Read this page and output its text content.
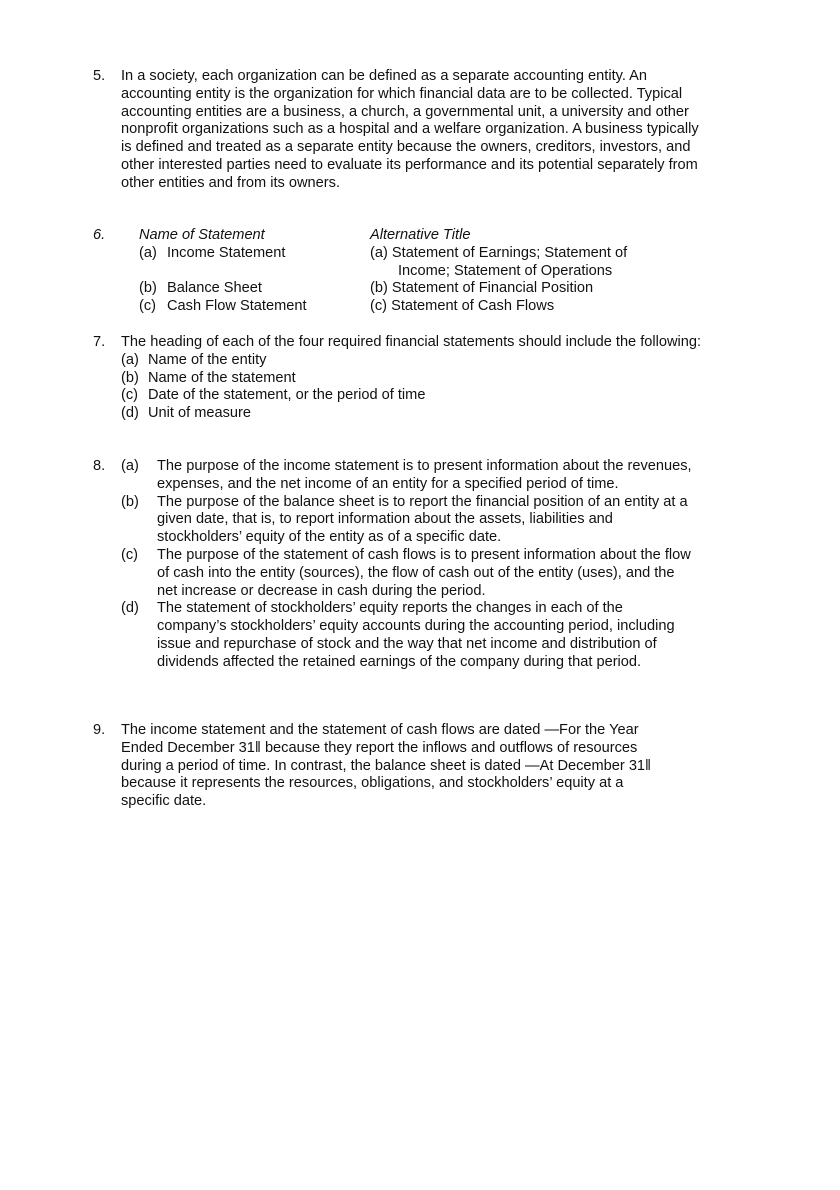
5. In a society, each organization can be defined as a separate accounting entity. An accounting entity is the organization for which financial data are to be collected. Typical accounting entities are a business, a church, a governmental unit, a university and other nonprofit organizations such as a hospital and a welfare organization. A business typically is defined and treated as a separate entity because the owners, creditors, investors, and other interested parties need to evaluate its performance and its potential separately from other entities and from its owners.
6. Name of Statement	Alternative Title
(a) Income Statement	(a) Statement of Earnings; Statement of
Income; Statement of Operations
(b) Balance Sheet	(b) Statement of Financial Position
(c) Cash Flow Statement	(c) Statement of Cash Flows
7. The heading of each of the four required financial statements should include the following:
(a) Name of the entity
(b) Name of the statement
(c) Date of the statement, or the period of time
(d) Unit of measure
8. (a) The purpose of the income statement is to present information about the revenues, expenses, and the net income of an entity for a specified period of time.
(b) The purpose of the balance sheet is to report the financial position of an entity at a given date, that is, to report information about the assets, liabilities and stockholders’ equity of the entity as of a specific date.
(c) The purpose of the statement of cash flows is to present information about the flow of cash into the entity (sources), the flow of cash out of the entity (uses), and the net increase or decrease in cash during the period.
(d) The statement of stockholders’ equity reports the changes in each of the company’s stockholders’ equity accounts during the accounting period, including issue and repurchase of stock and the way that net income and distribution of dividends affected the retained earnings of the company during that period.
9. The income statement and the statement of cash flows are dated ―For the Year Ended December 31‖ because they report the inflows and outflows of resources during a period of time. In contrast, the balance sheet is dated ―At December 31‖ because it represents the resources, obligations, and stockholders’ equity at a specific date.
